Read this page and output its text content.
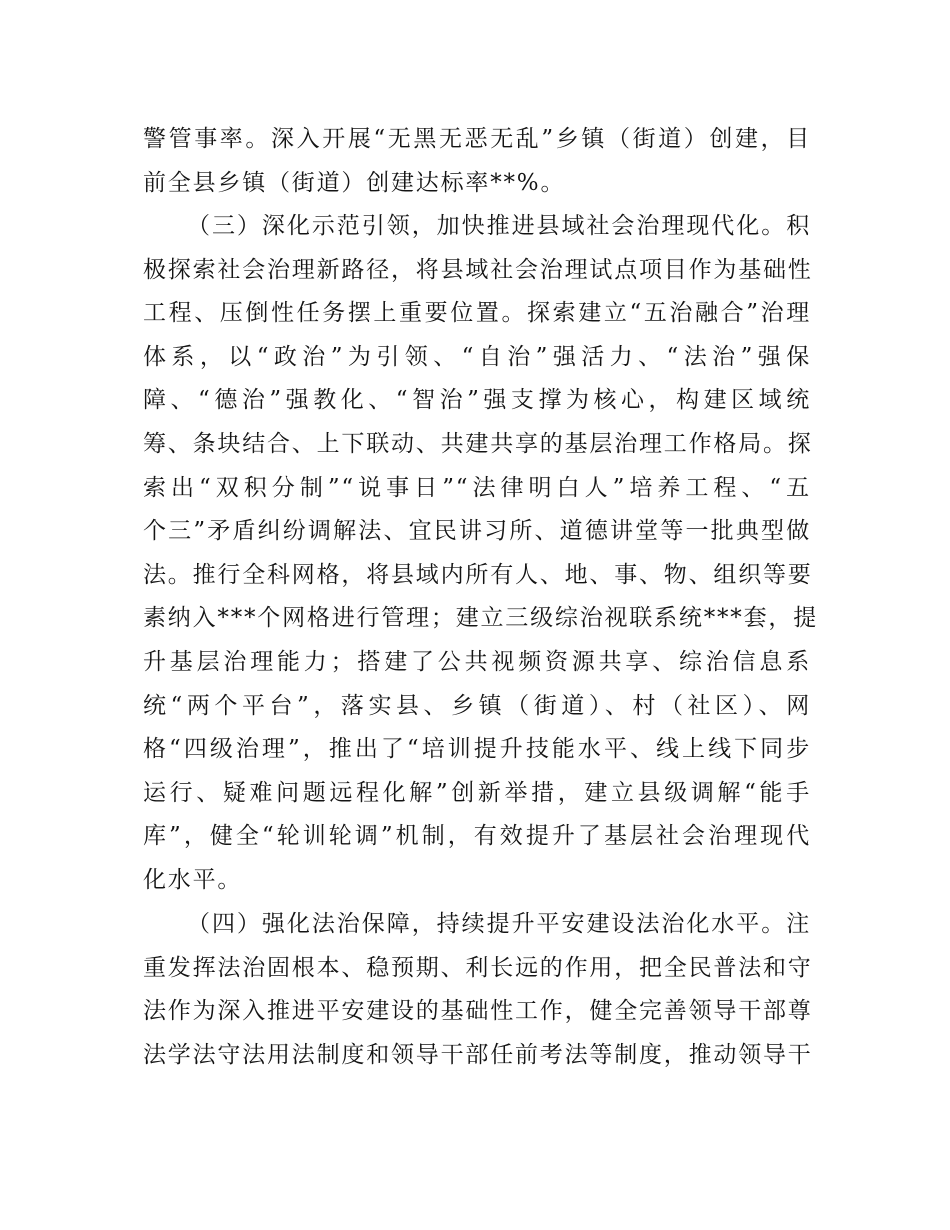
警管事率。深入开展“无黑无恶无乱”乡镇（街道）创建，目
前全县乡镇（街道）创建达标率**%。
（三）深化示范引领，加快推进县域社会治理现代化。积
极探索社会治理新路径，将县域社会治理试点项目作为基础性
工程、压倒性任务摆上重要位置。探索建立“五治融合”治理
体系，以“政治”为引领、“自治”强活力、“法治”强保
障、“德治”强教化、“智治”强支撑为核心，构建区域统
筹、条块结合、上下联动、共建共享的基层治理工作格局。探
索出“双积分制”“说事日”“法律明白人”培养工程、“五
个三”矛盾纠纷调解法、宜民讲习所、道德讲堂等一批典型做
法。推行全科网格，将县域内所有人、地、事、物、组织等要
素纳入***个网格进行管理；建立三级综治视联系统***套，提
升基层治理能力；搭建了公共视频资源共享、综治信息系
统“两个平台”，落实县、乡镇（街道）、村（社区）、网
格“四级治理”，推出了“培训提升技能水平、线上线下同步
运行、疑难问题远程化解”创新举措，建立县级调解“能手
库”，健全“轮训轮调”机制，有效提升了基层社会治理现代
化水平。
（四）强化法治保障，持续提升平安建设法治化水平。注
重发挥法治固根本、稳预期、利长远的作用，把全民普法和守
法作为深入推进平安建设的基础性工作，健全完善领导干部尊
法学法守法用法制度和领导干部任前考法等制度，推动领导干
